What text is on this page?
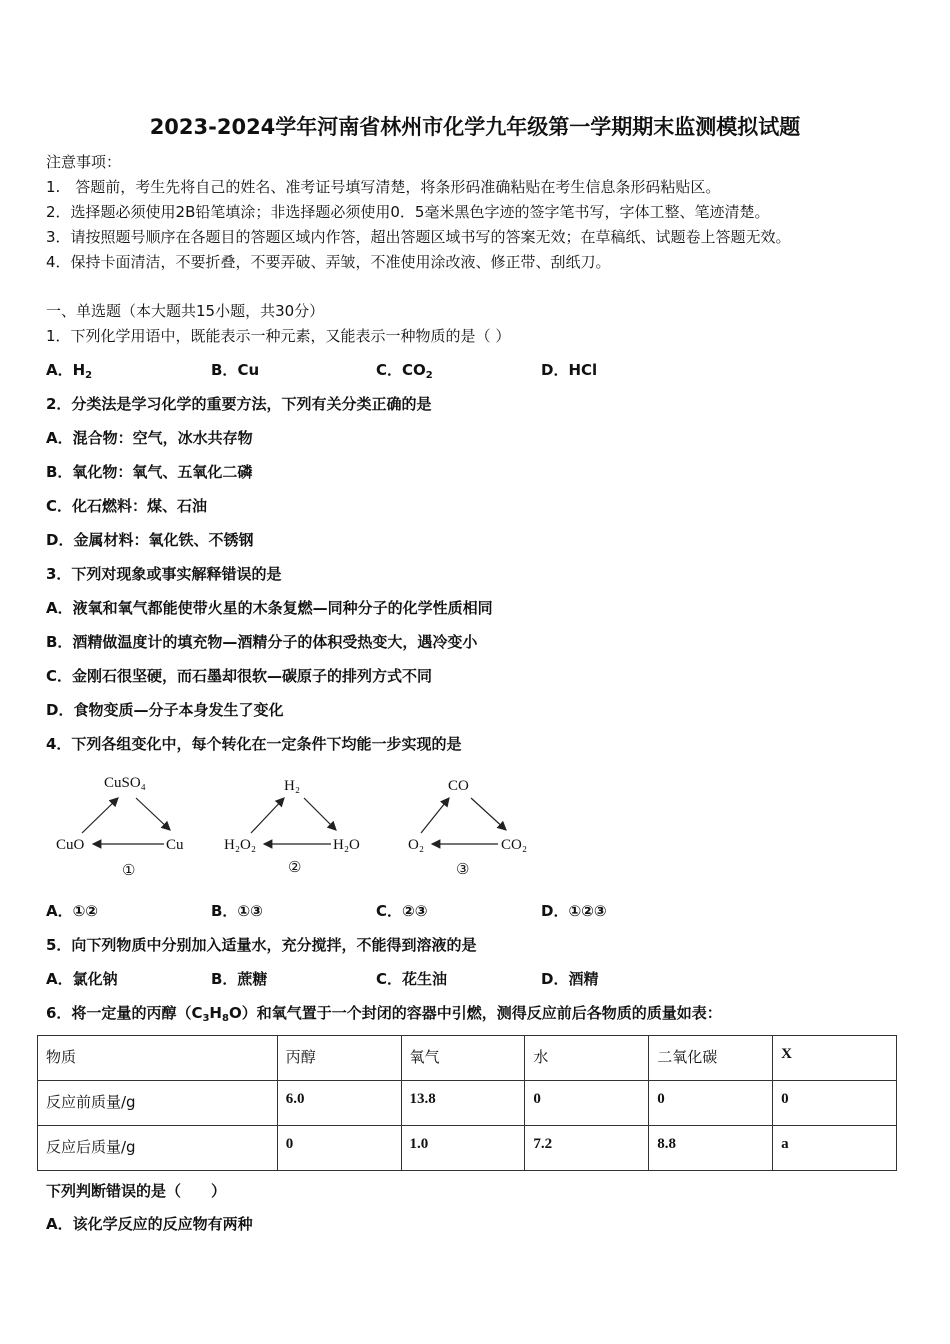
2023-2024学年河南省林州市化学九年级第一学期期末监测模拟试题
注意事项：
1.　答题前，考生先将自己的姓名、准考证号填写清楚，将条形码准确粘贴在考生信息条形码粘贴区。
2．选择题必须使用2B铅笔填涂；非选择题必须使用0．5毫米黑色字迹的签字笔书写，字体工整、笔迹清楚。
3．请按照题号顺序在各题目的答题区域内作答，超出答题区域书写的答案无效；在草稿纸、试题卷上答题无效。
4．保持卡面清洁，不要折叠，不要弄破、弄皱，不准使用涂改液、修正带、刮纸刀。
一、单选题（本大题共15小题，共30分）
1．下列化学用语中，既能表示一种元素，又能表示一种物质的是（ ）
A．$H_2$	B．Cu	C．$CO_2$	D．HCl
2．分类法是学习化学的重要方法，下列有关分类正确的是
A．混合物：空气，冰水共存物
B．氧化物：氧气、五氧化二磷
C．化石燃料：煤、石油
D．金属材料：氧化铁、不锈钢
3．下列对现象或事实解释错误的是
A．液氧和氧气都能使带火星的木条复燃—同种分子的化学性质相同
B．酒精做温度计的填充物—酒精分子的体积受热变大，遇冷变小
C．金刚石很坚硬，而石墨却很软—碳原子的排列方式不同
D．食物变质—分子本身发生了变化
4．下列各组变化中，每个转化在一定条件下均能一步实现的是
CuSO₄
CuO	Cu
①
H₂
H₂O₂	H₂O
②
CO
O₂	CO₂
③
A．①②	B．①③	C．②③	D．①②③
5．向下列物质中分别加入适量水，充分搅拌，不能得到溶液的是
A．氯化钠	B．蔗糖	C．花生油	D．酒精
6．将一定量的丙醇$(C_3H_8O)$和氧气置于一个封闭的容器中引燃，测得反应前后各物质的质量如表：
物质	丙醇	氧气	水	二氧化碳	X
反应前质量/g	6.0	13.8	0	0	0
反应后质量/g	0	1.0	7.2	8.8	a
下列判断错误的是（　　）
A．该化学反应的反应物有两种
